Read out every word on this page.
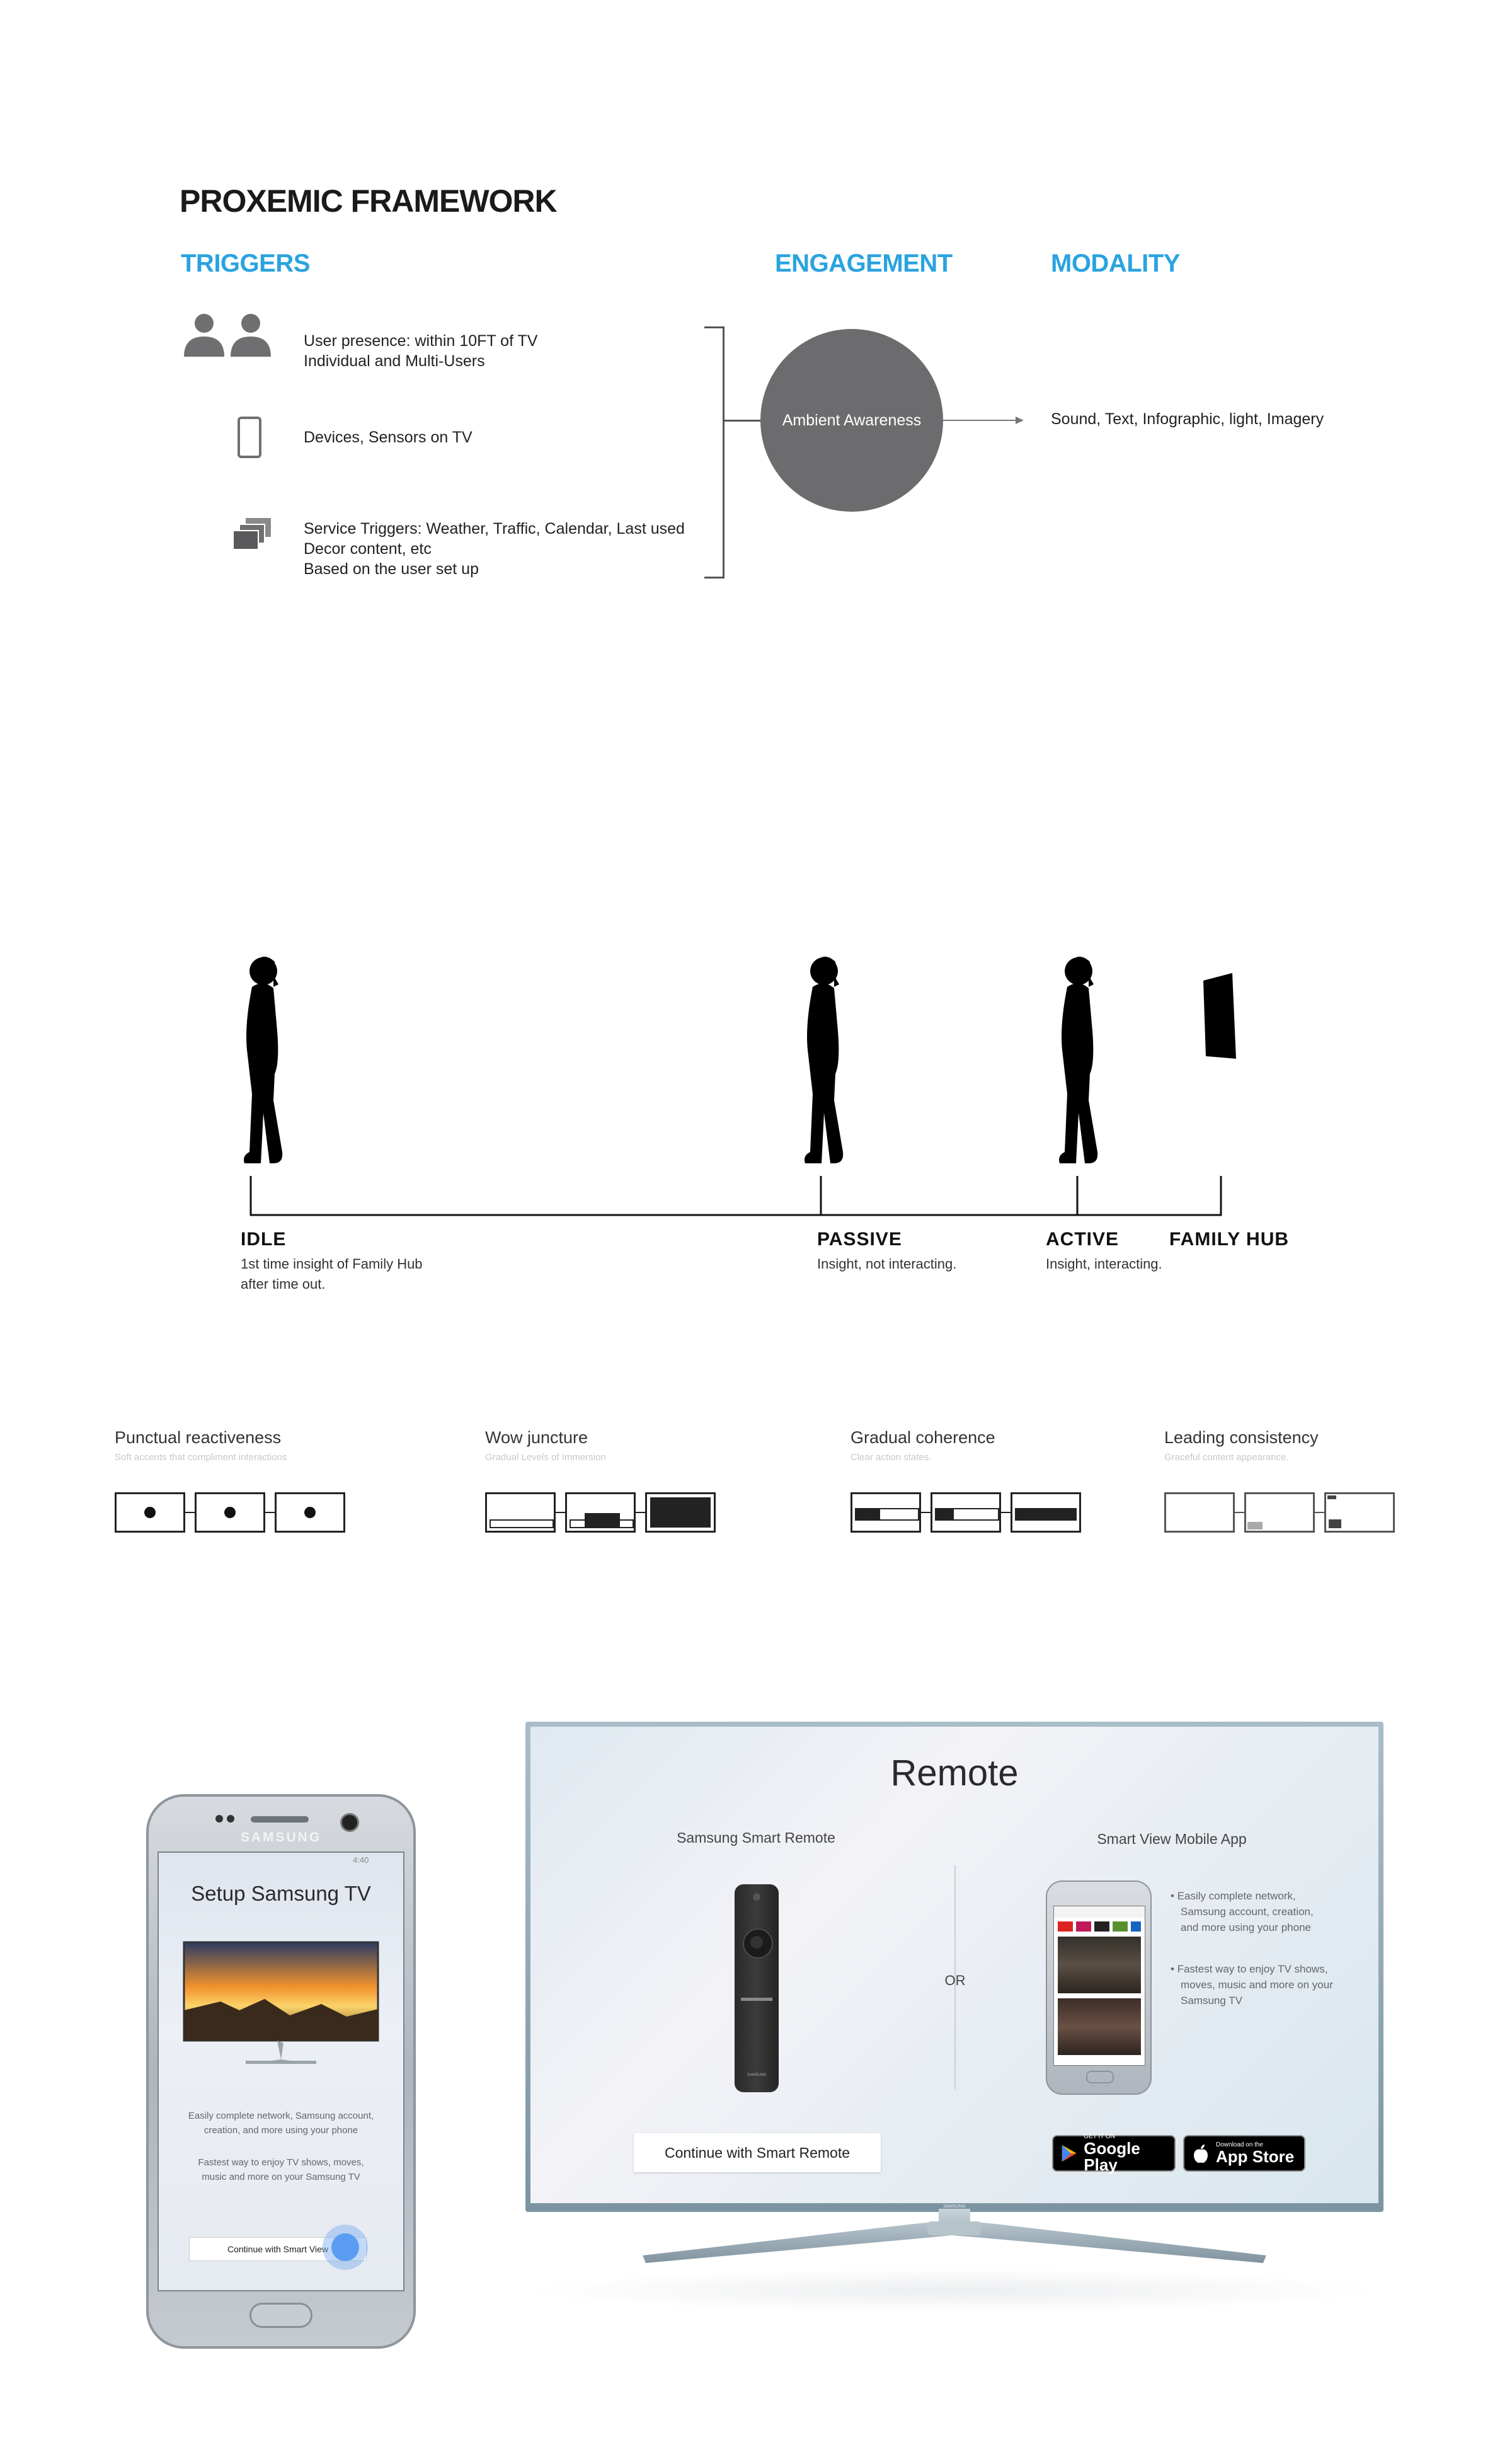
PROXEMIC FRAMEWORK
TRIGGERS	ENGAGEMENT	MODALITY
User presence: within 10FT of TV
Individual and Multi-Users
Devices, Sensors on TV
Service Triggers: Weather, Traffic, Calendar, Last used
Decor content, etc
Based on the user set up
Ambient Awareness	Sound, Text, Infographic, light, Imagery
IDLE
1st time insight of Family Hub
after time out.
PASSIVE
Insight, not interacting.
ACTIVE
Insight, interacting.
FAMILY HUB
Punctual reactiveness
Soft accents that compliment interactions
Wow juncture
Gradual Levels of Immersion
Gradual coherence
Clear action states.
Leading consistency
Graceful content appearance.
SAMSUNG
4:40
Setup Samsung TV
Easily complete network, Samsung account,
creation, and more using your phone
Fastest way to enjoy TV shows, moves,
music and more on your Samsung TV
Continue with Smart View
Remote
Samsung Smart Remote	Smart View Mobile App
OR
SAMSUNG
• Easily complete network,
Samsung account, creation,
and more using your phone
• Fastest way to enjoy TV shows,
moves, music and more on your
Samsung TV
Continue with Smart Remote
GET IT ON
Google Play
Download on the
App Store
SAMSUNG
